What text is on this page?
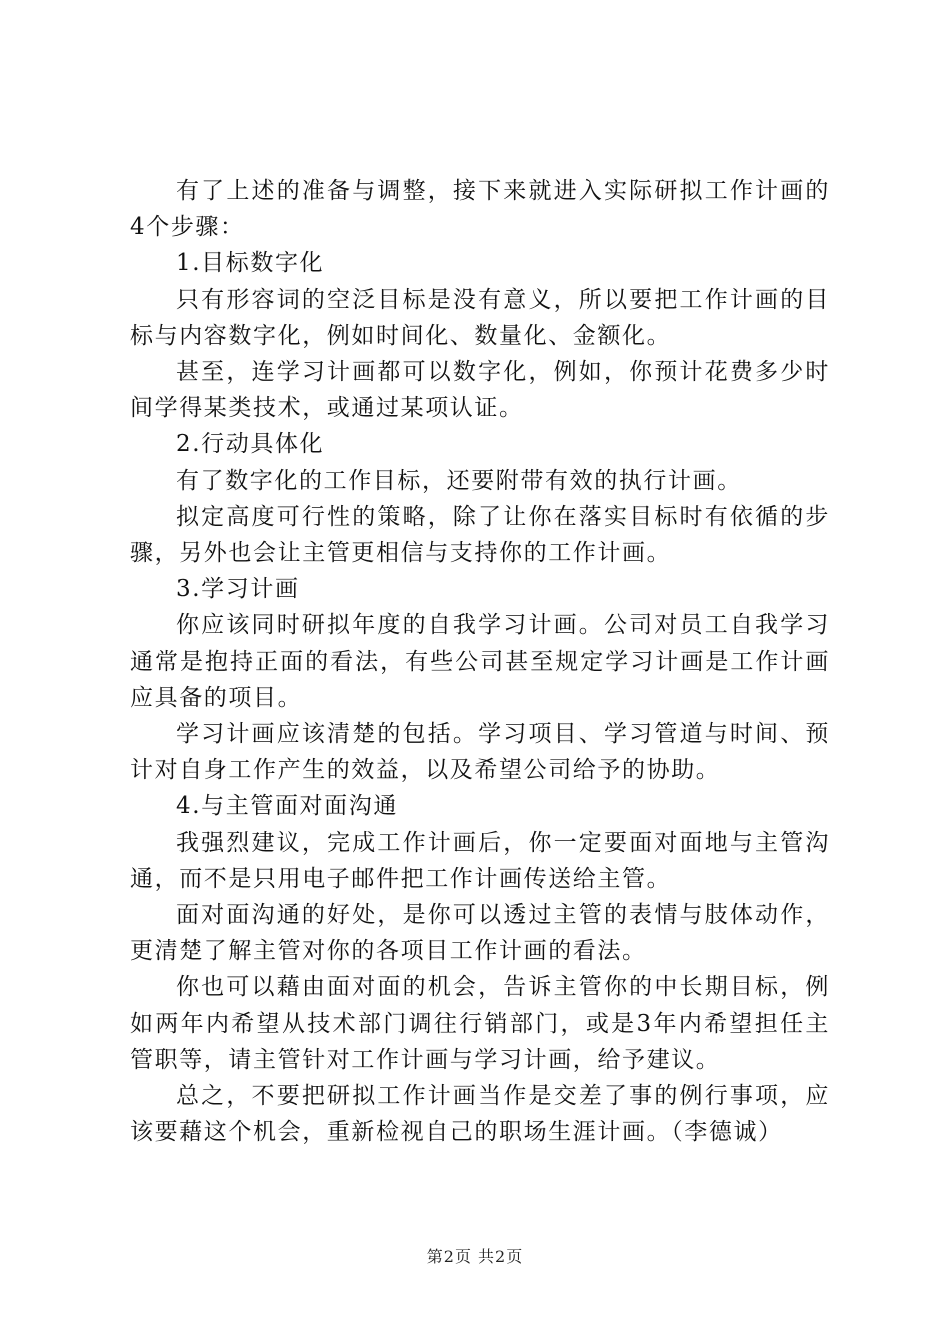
有了上述的准备与调整，接下来就进入实际研拟工作计画的4个步骤：

1.目标数字化

只有形容词的空泛目标是没有意义，所以要把工作计画的目标与内容数字化，例如时间化、数量化、金额化。

甚至，连学习计画都可以数字化，例如，你预计花费多少时间学得某类技术，或通过某项认证。

2.行动具体化

有了数字化的工作目标，还要附带有效的执行计画。

拟定高度可行性的策略，除了让你在落实目标时有依循的步骤，另外也会让主管更相信与支持你的工作计画。

3.学习计画

你应该同时研拟年度的自我学习计画。公司对员工自我学习通常是抱持正面的看法，有些公司甚至规定学习计画是工作计画应具备的项目。

学习计画应该清楚的包括。学习项目、学习管道与时间、预计对自身工作产生的效益，以及希望公司给予的协助。

4.与主管面对面沟通

我强烈建议，完成工作计画后，你一定要面对面地与主管沟通，而不是只用电子邮件把工作计画传送给主管。

面对面沟通的好处，是你可以透过主管的表情与肢体动作，更清楚了解主管对你的各项目工作计画的看法。

你也可以藉由面对面的机会，告诉主管你的中长期目标，例如两年内希望从技术部门调往行销部门，或是3年内希望担任主管职等，请主管针对工作计画与学习计画，给予建议。

总之，不要把研拟工作计画当作是交差了事的例行事项，应该要藉这个机会，重新检视自己的职场生涯计画。（李德诚）

第2页 共2页
